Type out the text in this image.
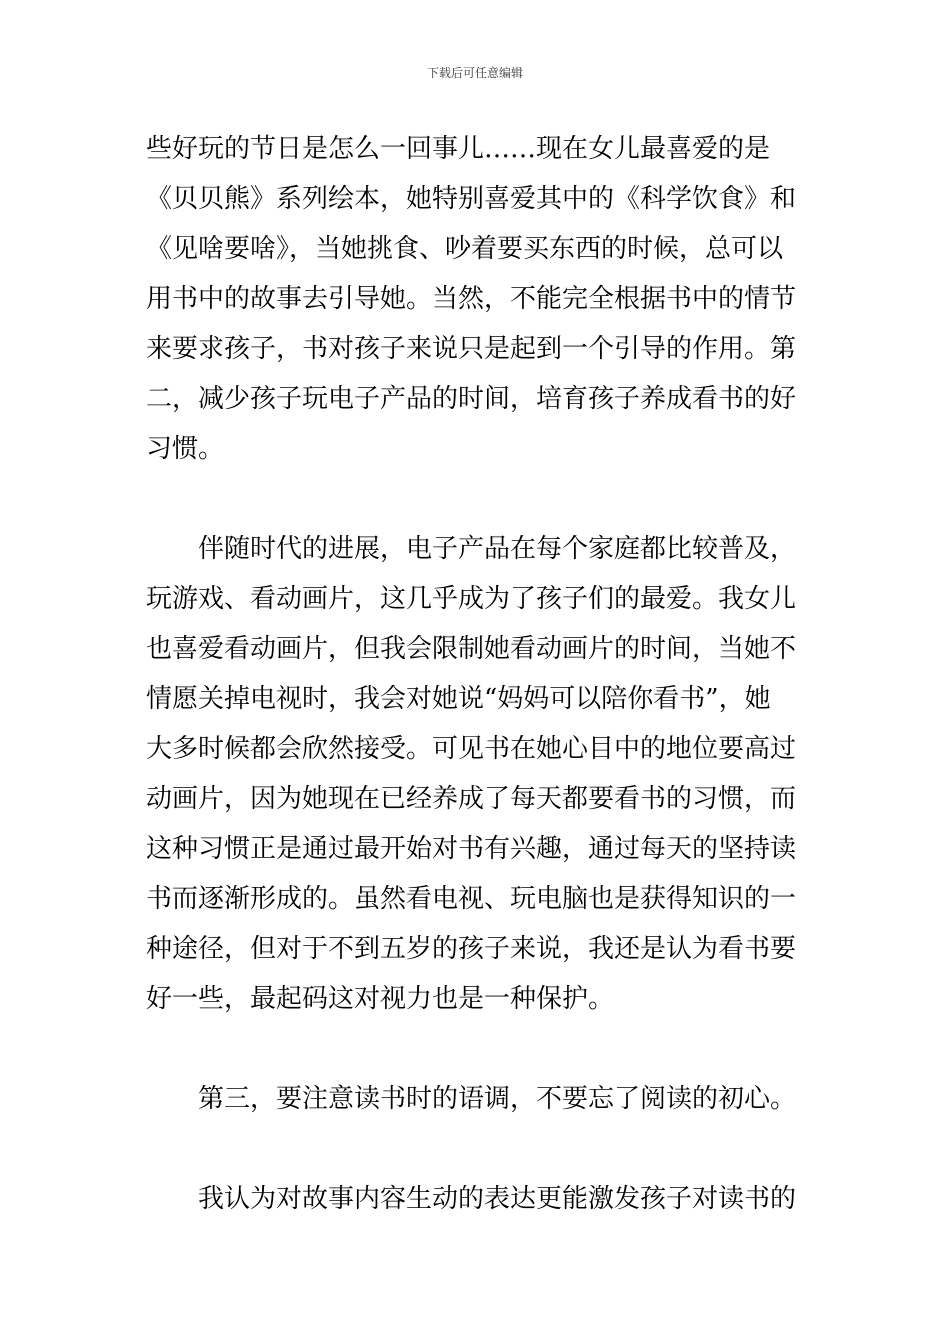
下载后可任意编辑
些好玩的节日是怎么一回事儿……现在女儿最喜爱的是
《贝贝熊》系列绘本，她特别喜爱其中的《科学饮食》和
《见啥要啥》，当她挑食、吵着要买东西的时候，总可以
用书中的故事去引导她。当然，不能完全根据书中的情节
来要求孩子，书对孩子来说只是起到一个引导的作用。第
二，减少孩子玩电子产品的时间，培育孩子养成看书的好
习惯。
伴随时代的进展，电子产品在每个家庭都比较普及，
玩游戏、看动画片，这几乎成为了孩子们的最爱。我女儿
也喜爱看动画片，但我会限制她看动画片的时间，当她不
情愿关掉电视时，我会对她说“妈妈可以陪你看书”，她
大多时候都会欣然接受。可见书在她心目中的地位要高过
动画片，因为她现在已经养成了每天都要看书的习惯，而
这种习惯正是通过最开始对书有兴趣，通过每天的坚持读
书而逐渐形成的。虽然看电视、玩电脑也是获得知识的一
种途径，但对于不到五岁的孩子来说，我还是认为看书要
好一些，最起码这对视力也是一种保护。
第三，要注意读书时的语调，不要忘了阅读的初心。
我认为对故事内容生动的表达更能激发孩子对读书的
